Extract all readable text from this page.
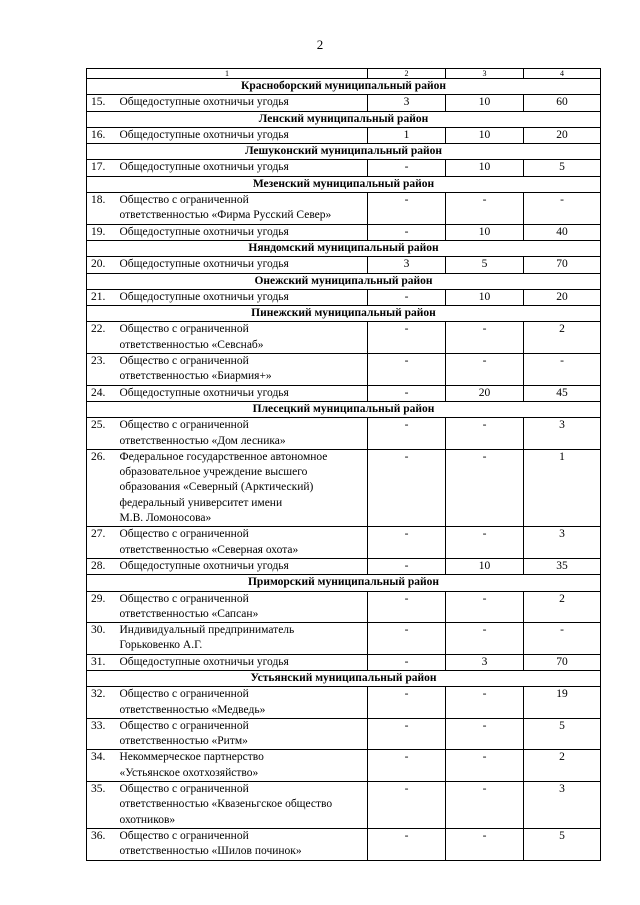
2
1		2	3	4
Красноборский муниципальный район				
15.	Общедоступные охотничьи угодья	3	10	60
Ленский муниципальный район				
16.	Общедоступные охотничьи угодья	1	10	20
Лешуконский муниципальный район				
17.	Общедоступные охотничьи угодья	-	10	5
Мезенский муниципальный район				
18.	Общество с ограниченной
ответственностью «Фирма Русский Север»	-	-	-
19.	Общедоступные охотничьи угодья	-	10	40
Няндомский муниципальный район				
20.	Общедоступные охотничьи угодья	3	5	70
Онежский муниципальный район				
21.	Общедоступные охотничьи угодья	-	10	20
Пинежский муниципальный район				
22.	Общество с ограниченной
ответственностью «Севснаб»	-	-	2
23.	Общество с ограниченной
ответственностью «Биармия+»	-	-	-
24.	Общедоступные охотничьи угодья	-	20	45
Плесецкий муниципальный район				
25.	Общество с ограниченной
ответственностью «Дом лесника»	-	-	3
26.	Федеральное государственное автономное
образовательное учреждение высшего
образования «Северный (Арктический)
федеральный университет имени
М.В. Ломоносова»	-	-	1
27.	Общество с ограниченной
ответственностью «Северная охота»	-	-	3
28.	Общедоступные охотничьи угодья	-	10	35
Приморский муниципальный район				
29.	Общество с ограниченной
ответственностью «Сапсан»	-	-	2
30.	Индивидуальный предприниматель
Горьковенко А.Г.	-	-	-
31.	Общедоступные охотничьи угодья	-	3	70
Устьянский муниципальный район				
32.	Общество с ограниченной
ответственностью «Медведь»	-	-	19
33.	Общество с ограниченной
ответственностью «Ритм»	-	-	5
34.	Некоммерческое партнерство
«Устьянское охотхозяйство»	-	-	2
35.	Общество с ограниченной
ответственностью «Квазеньгское общество
охотников»	-	-	3
36.	Общество с ограниченной
ответственностью «Шилов починок»	-	-	5
